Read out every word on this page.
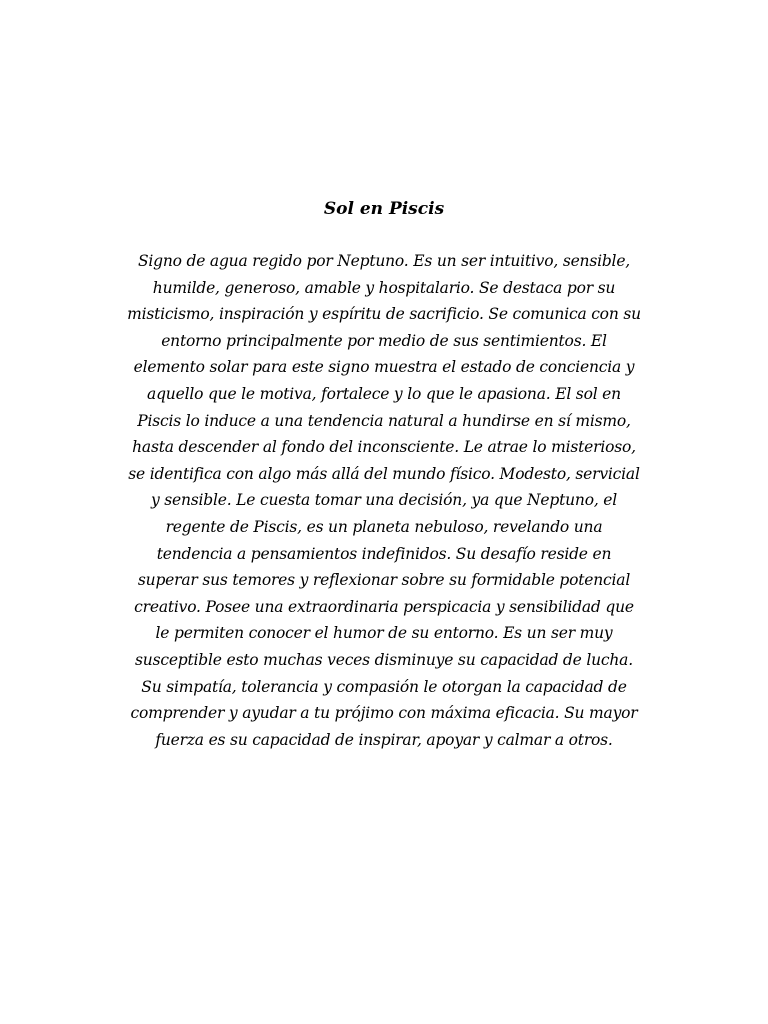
Sol en Piscis
Signo de agua regido por Neptuno. Es un ser intuitivo, sensible, humilde, generoso, amable y hospitalario. Se destaca por su misticismo, inspiración y espíritu de sacrificio. Se comunica con su entorno principalmente por medio de sus sentimientos. El elemento solar para este signo muestra el estado de conciencia y aquello que le motiva, fortalece y lo que le apasiona. El sol en Piscis lo induce a una tendencia natural a hundirse en sí mismo, hasta descender al fondo del inconsciente. Le atrae lo misterioso, se identifica con algo más allá del mundo físico. Modesto, servicial y sensible. Le cuesta tomar una decisión, ya que Neptuno, el regente de Piscis, es un planeta nebuloso, revelando una tendencia a pensamientos indefinidos. Su desafío reside en superar sus temores y reflexionar sobre su formidable potencial creativo. Posee una extraordinaria perspicacia y sensibilidad que le permiten conocer el humor de su entorno. Es un ser muy susceptible esto muchas veces disminuye su capacidad de lucha. Su simpatía, tolerancia y compasión le otorgan la capacidad de comprender y ayudar a tu prójimo con máxima eficacia. Su mayor fuerza es su capacidad de inspirar, apoyar y calmar a otros.
